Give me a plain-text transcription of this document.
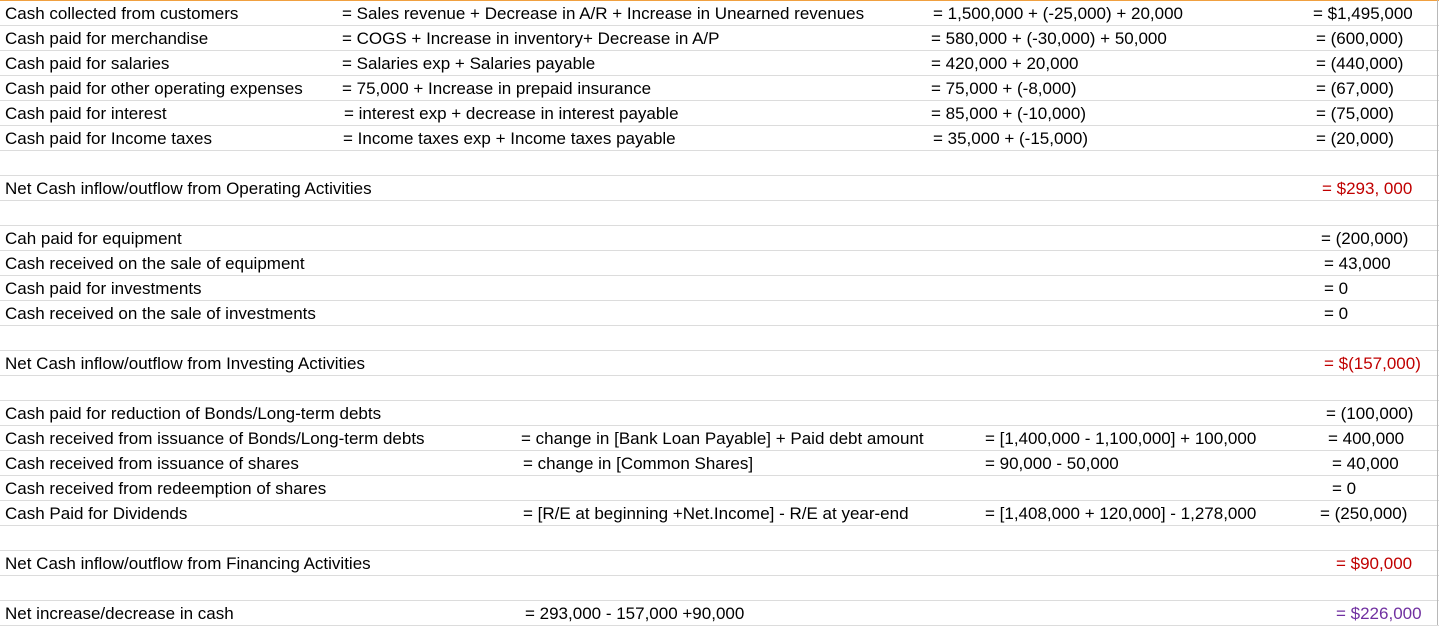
Cash collected from customers	= Sales revenue + Decrease in A/R + Increase in Unearned revenues	= 1,500,000 + (-25,000) + 20,000	= $1,495,000
Cash paid for merchandise	= COGS + Increase in inventory+ Decrease in A/P	= 580,000 + (-30,000) + 50,000	= (600,000)
Cash paid for salaries	= Salaries exp + Salaries payable	= 420,000 + 20,000	= (440,000)
Cash paid for other operating expenses = 75,000 + Increase in prepaid insurance	= 75,000 + (-8,000)	= (67,000)
Cash paid for interest	= interest exp + decrease in interest payable	= 85,000 + (-10,000)	= (75,000)
Cash paid for Income taxes	= Income taxes exp + Income taxes payable	= 35,000 + (-15,000)	= (20,000)
Net Cash inflow/outflow from Operating Activities	= $293, 000
Cah paid for equipment	= (200,000)
Cash received on the sale of equipment	= 43,000
Cash paid for investments	= 0
Cash received on the sale of investments	= 0
Net Cash inflow/outflow from Investing Activities	= $(157,000)
Cash paid for reduction of Bonds/Long-term debts	= (100,000)
Cash received from issuance of Bonds/Long-term debts	= change in [Bank Loan Payable] + Paid debt amount	= [1,400,000 - 1,100,000] + 100,000	= 400,000
Cash received from issuance of shares	= change in [Common Shares]	= 90,000 - 50,000	= 40,000
Cash received from redeemption of shares	= 0
Cash Paid for Dividends	= [R/E at beginning +Net.Income] - R/E at year-end	= [1,408,000 + 120,000] - 1,278,000	= (250,000)
Net Cash inflow/outflow from Financing Activities	= $90,000
Net increase/decrease in cash	= 293,000 - 157,000 +90,000	= $226,000
